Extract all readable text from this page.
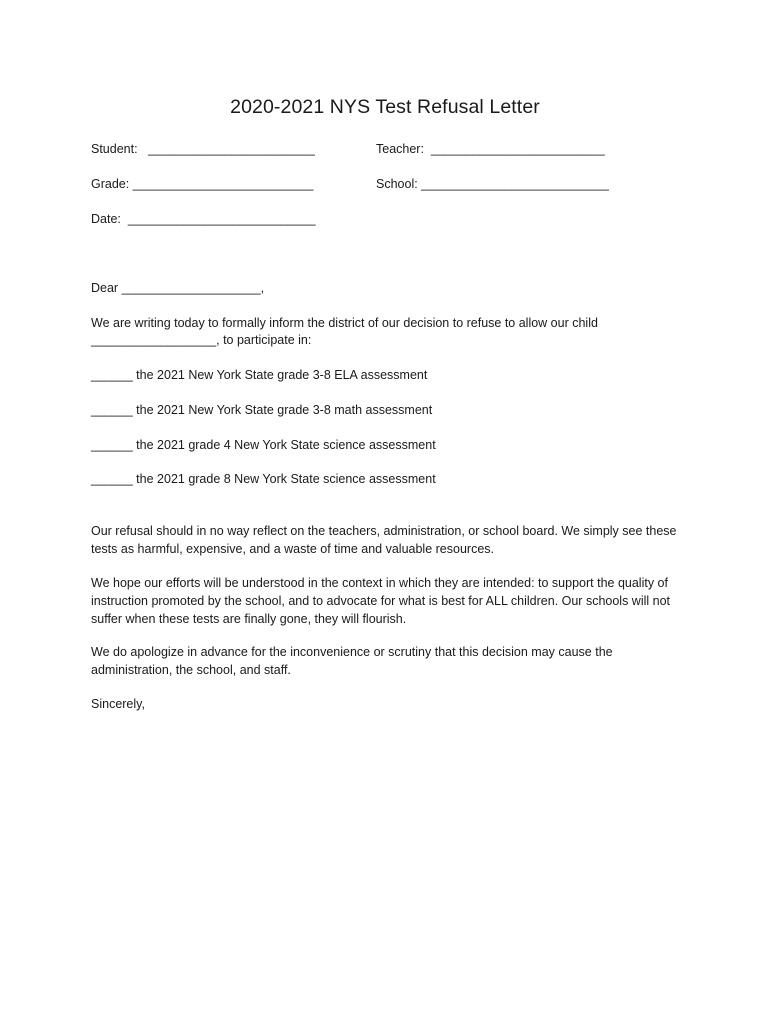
2020-2021 NYS Test Refusal Letter
Student:   ________________________	Teacher:  _________________________
Grade: __________________________	School: ___________________________
Date:  ___________________________
Dear ____________________,
We are writing today to formally inform the district of our decision to refuse to allow our child
__________________, to participate in:
______ the 2021 New York State grade 3-8 ELA assessment
______ the 2021 New York State grade 3-8 math assessment
______ the 2021 grade 4 New York State science assessment
______ the 2021 grade 8 New York State science assessment
Our refusal should in no way reflect on the teachers, administration, or school board. We simply see these tests as harmful, expensive, and a waste of time and valuable resources.
We hope our efforts will be understood in the context in which they are intended: to support the quality of instruction promoted by the school, and to advocate for what is best for ALL children. Our schools will not suffer when these tests are finally gone, they will flourish.
We do apologize in advance for the inconvenience or scrutiny that this decision may cause the administration, the school, and staff.
Sincerely,
